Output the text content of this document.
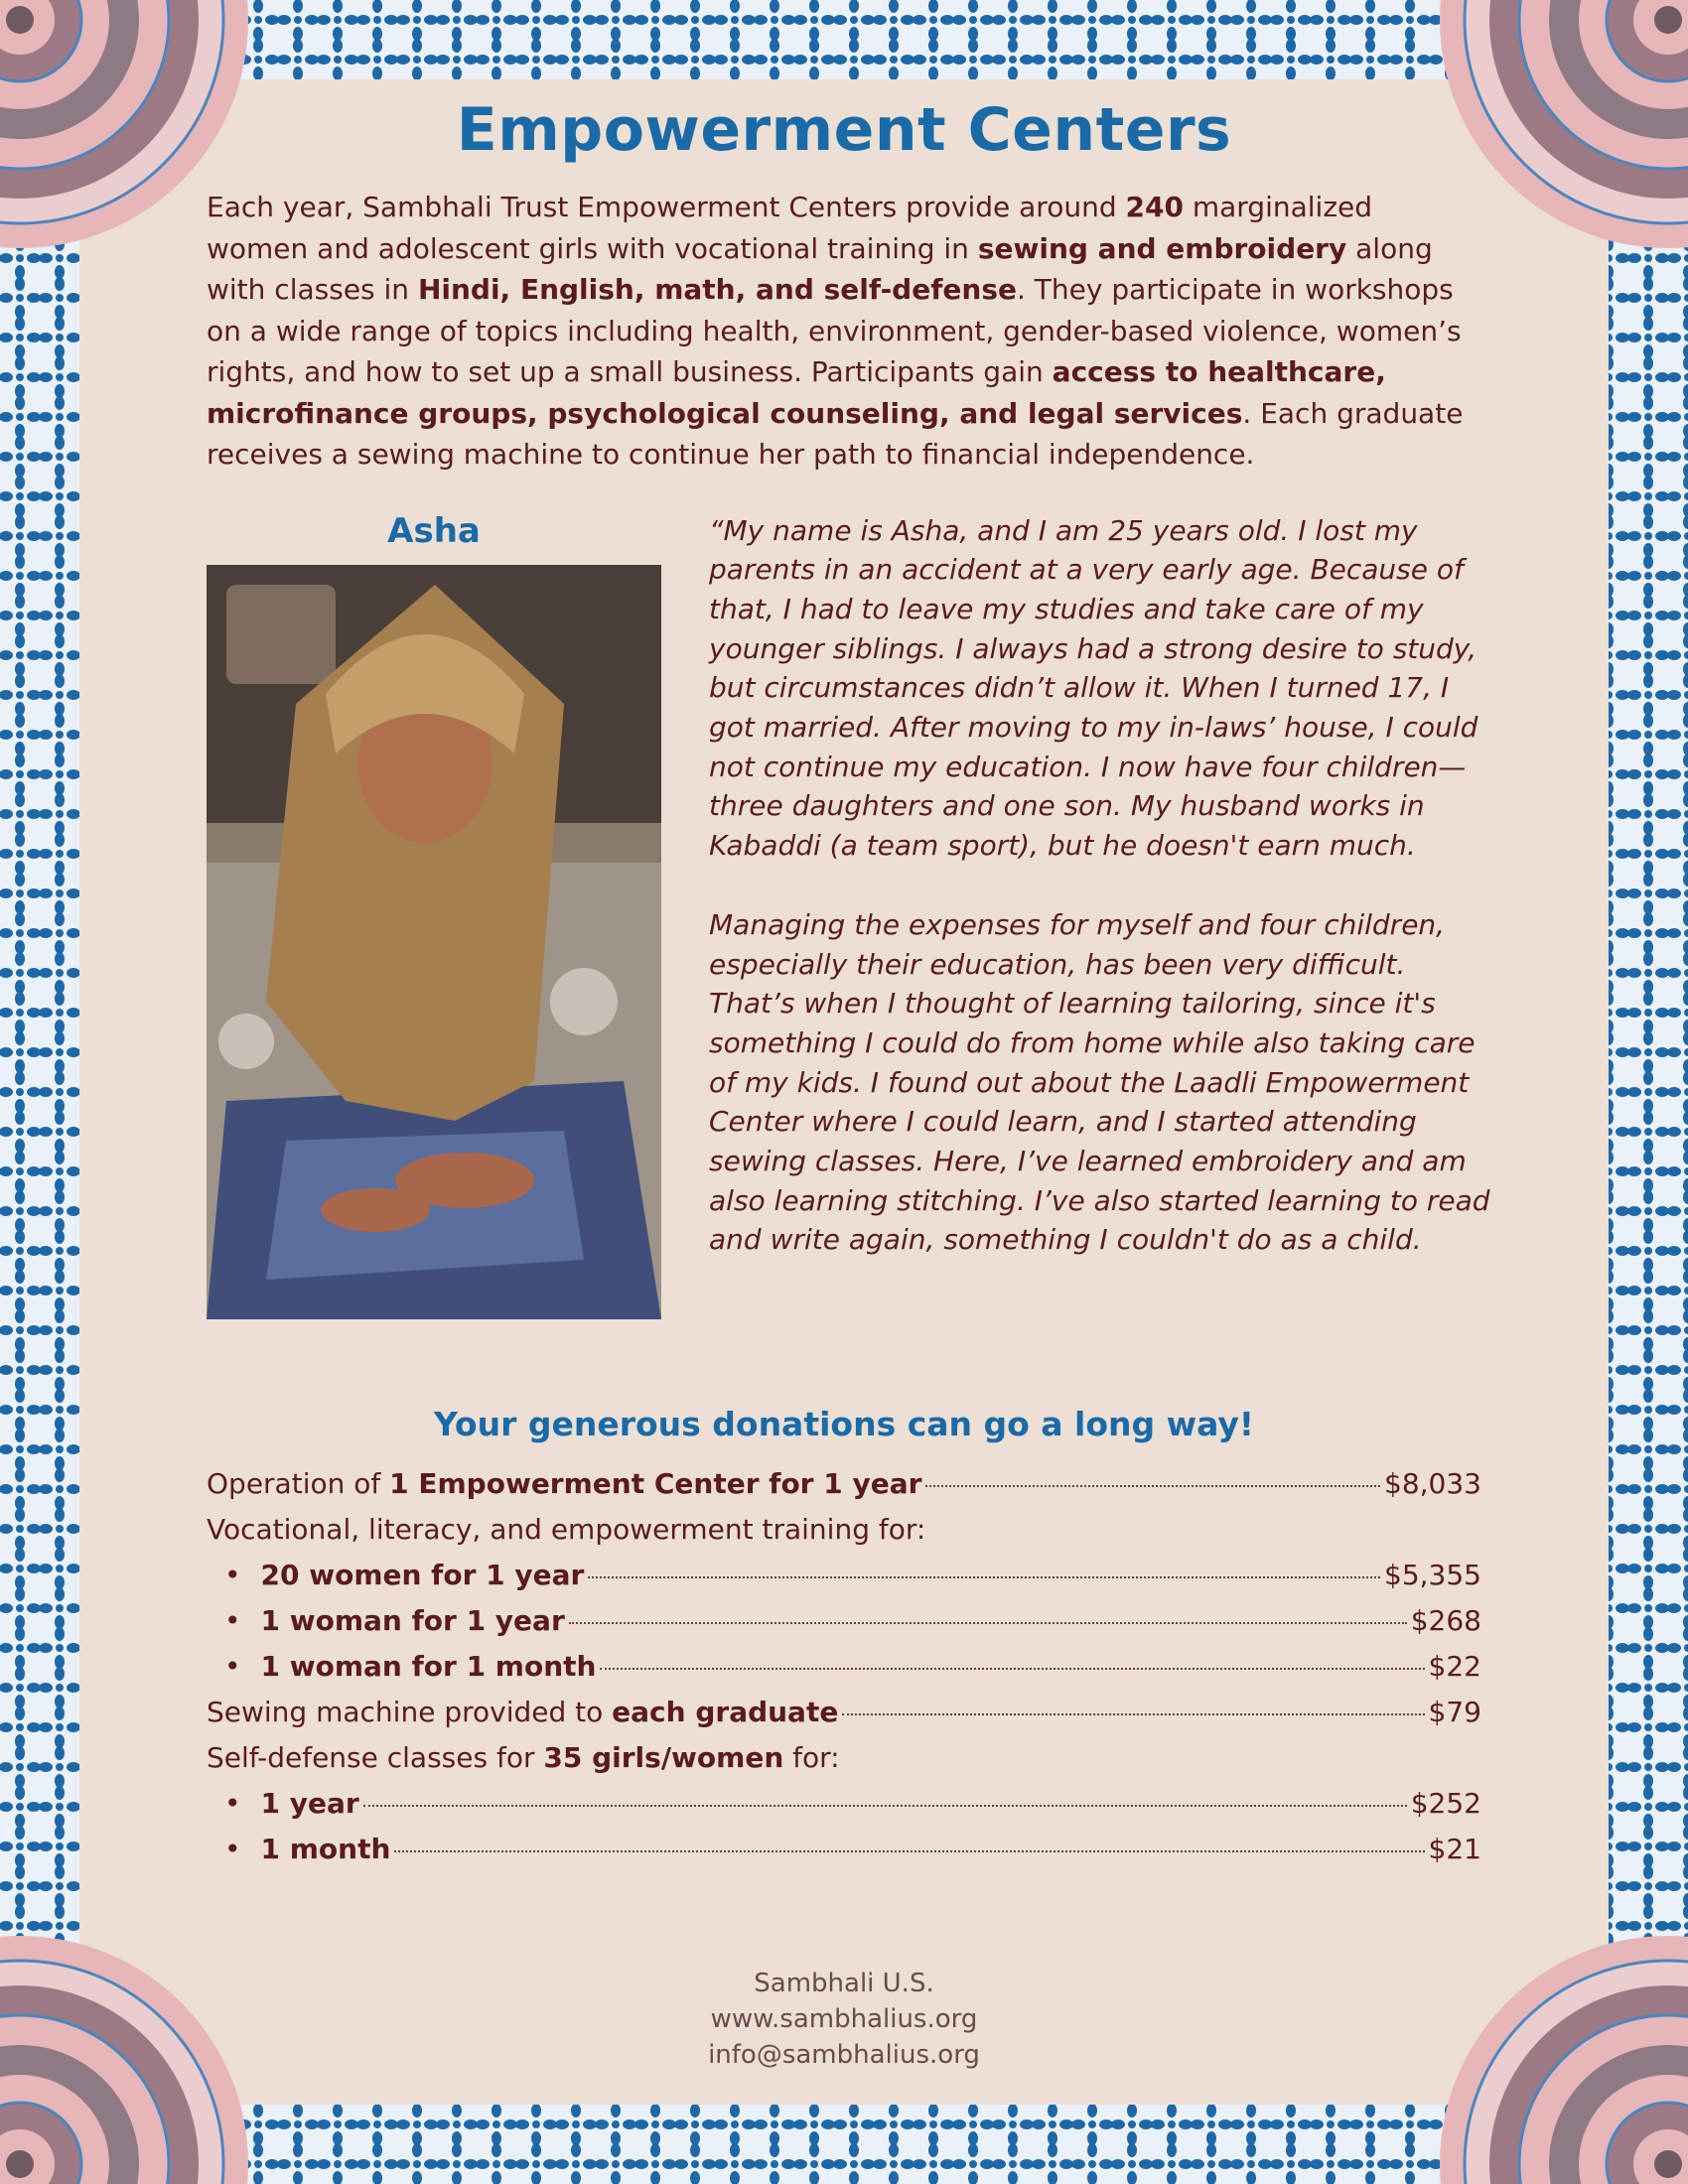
Empowerment Centers

Each year, Sambhali Trust Empowerment Centers provide around 240 marginalized women and adolescent girls with vocational training in sewing and embroidery along with classes in Hindi, English, math, and self-defense. They participate in workshops on a wide range of topics including health, environment, gender-based violence, women’s rights, and how to set up a small business. Participants gain access to healthcare, microfinance groups, psychological counseling, and legal services. Each graduate receives a sewing machine to continue her path to financial independence.

Asha	“My name is Asha, and I am 25 years old. I lost my parents in an accident at a very early age. Because of that, I had to leave my studies and take care of my younger siblings. I always had a strong desire to study, but circumstances didn’t allow it. When I turned 17, I got married. After moving to my in-laws’ house, I could not continue my education. I now have four children—three daughters and one son. My husband works in Kabaddi (a team sport), but he doesn't earn much.

Managing the expenses for myself and four children, especially their education, has been very difficult. That’s when I thought of learning tailoring, since it's something I could do from home while also taking care of my kids. I found out about the Laadli Empowerment Center where I could learn, and I started attending sewing classes. Here, I’ve learned embroidery and am also learning stitching. I’ve also started learning to read and write again, something I couldn't do as a child.

Your generous donations can go a long way!
Operation of 1 Empowerment Center for 1 year	$8,033
Vocational, literacy, and empowerment training for:
• 20 women for 1 year	$5,355
• 1 woman for 1 year	$268
• 1 woman for 1 month	$22
Sewing machine provided to each graduate	$79
Self-defense classes for 35 girls/women for:
• 1 year	$252
• 1 month	$21
Sambhali U.S.
www.sambhalius.org
info@sambhalius.org
